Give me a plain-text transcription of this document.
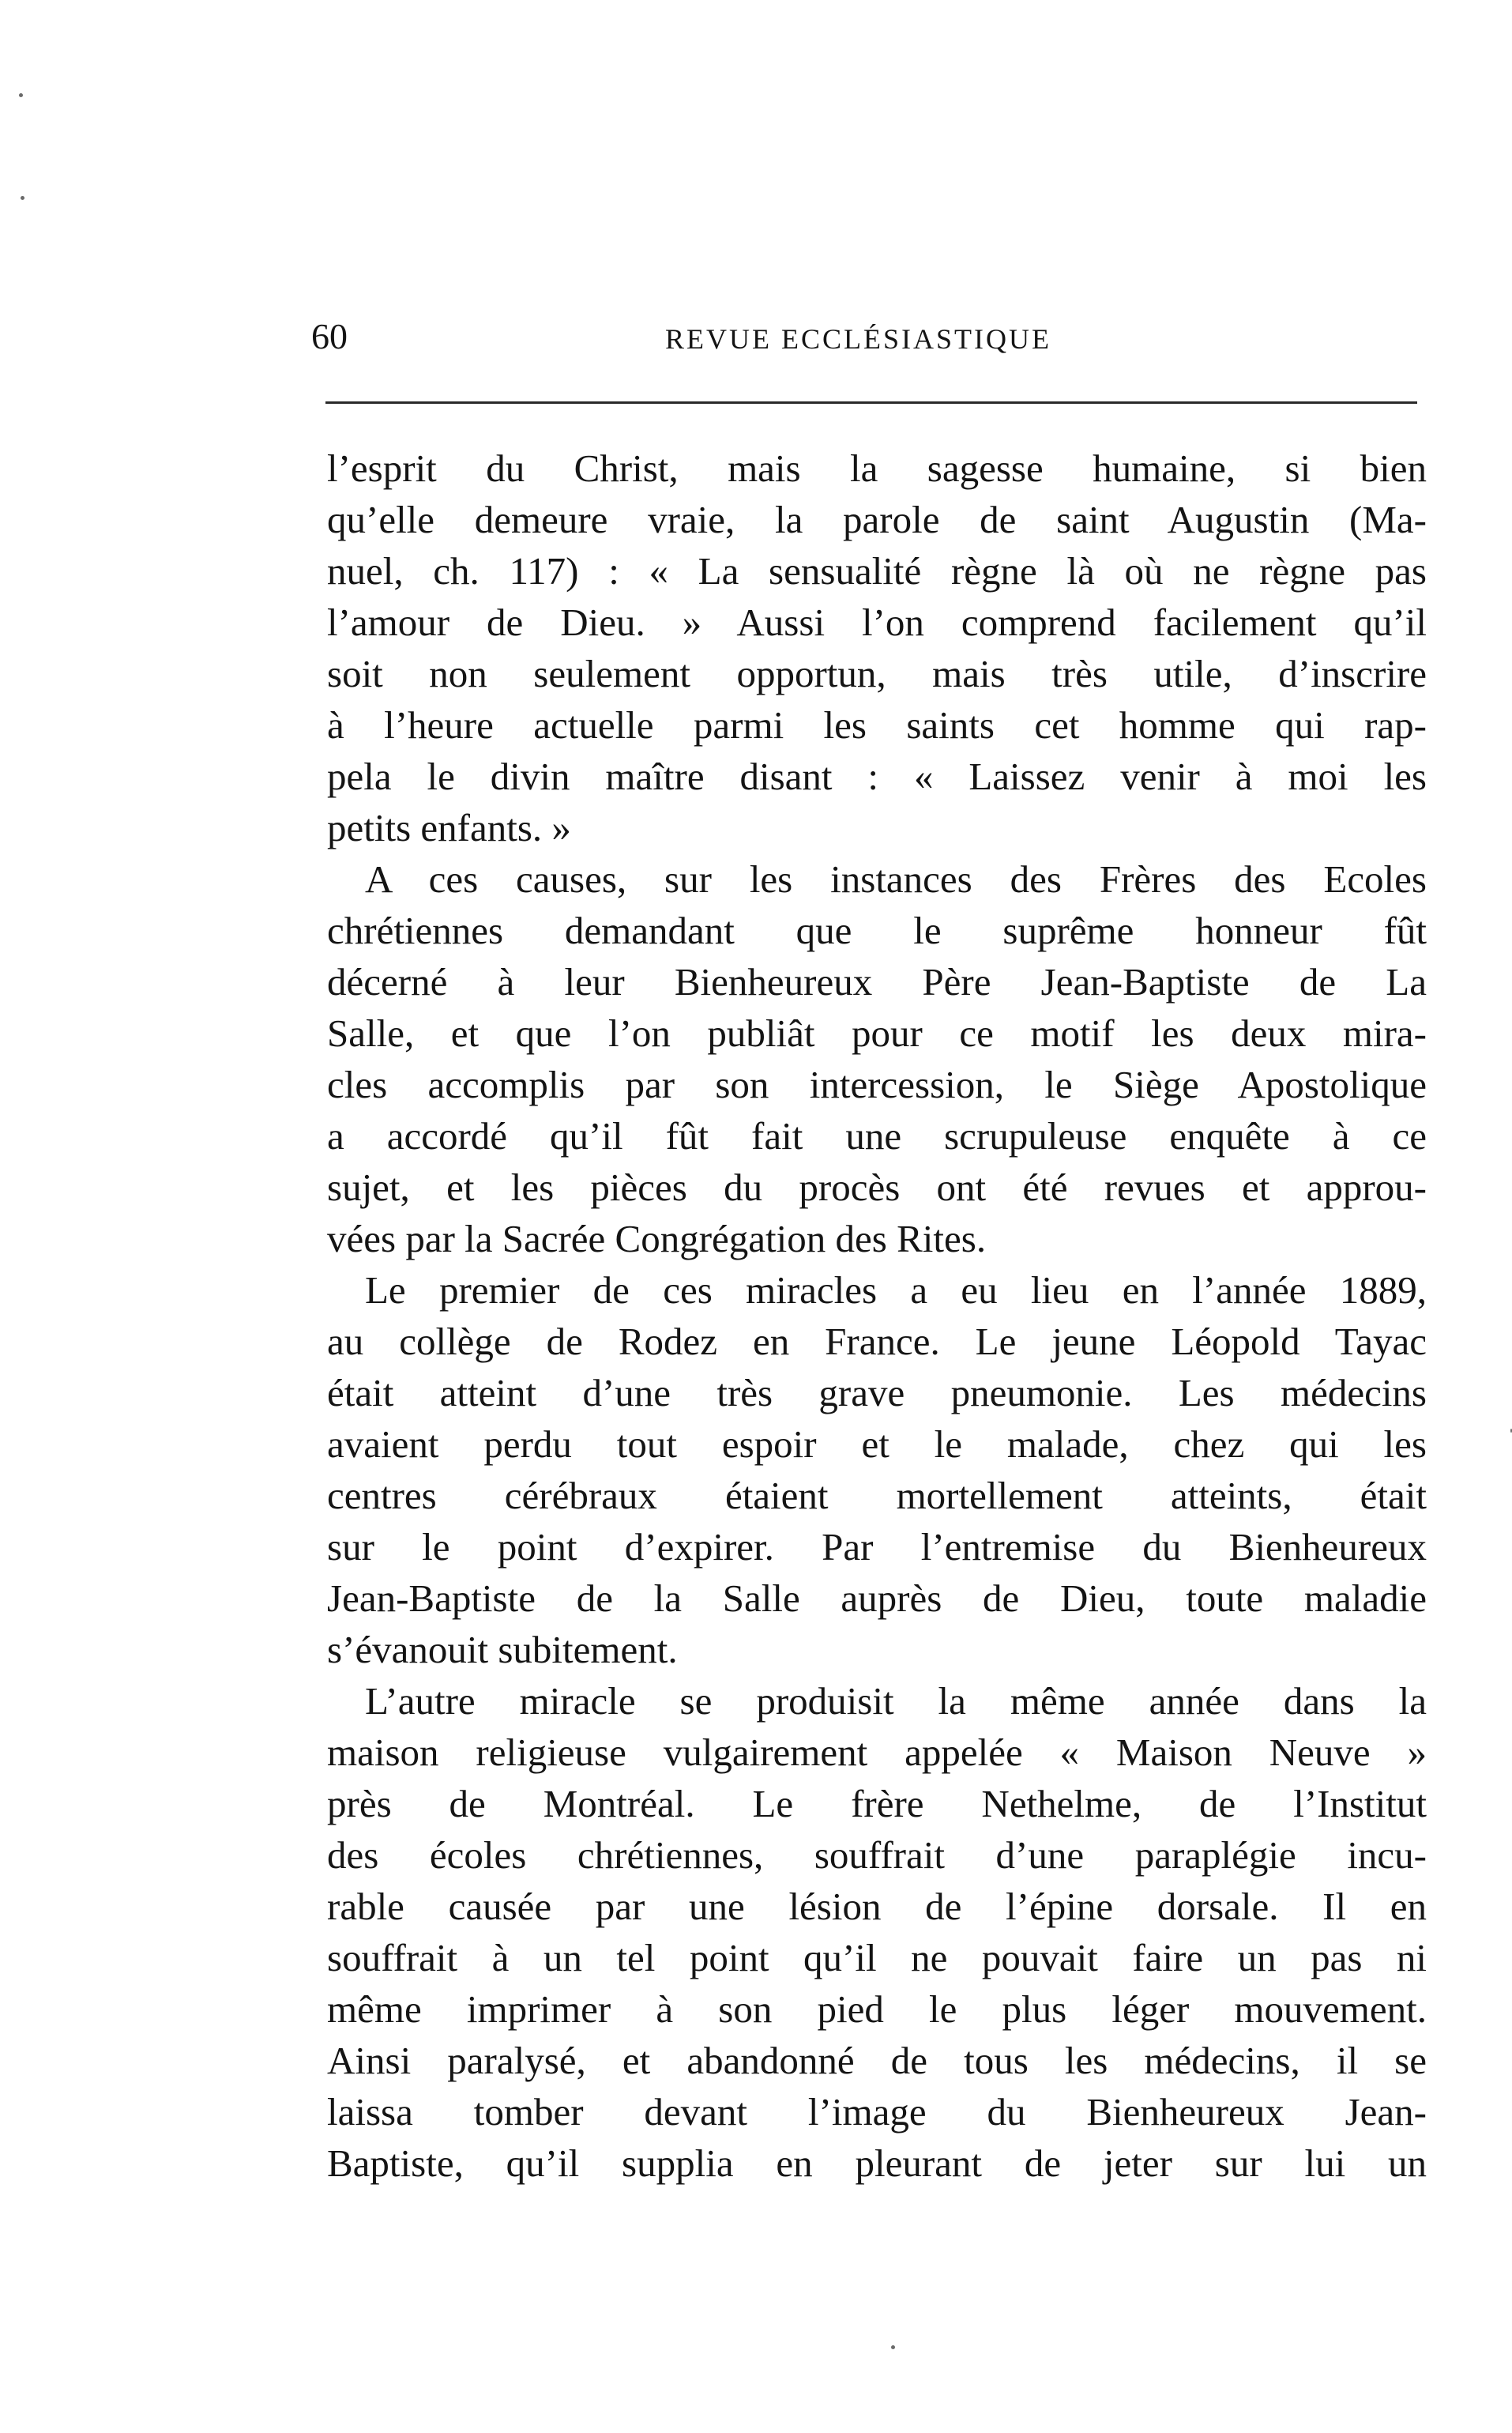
60	REVUE ECCLÉSIASTIQUE
l’esprit du Christ, mais la sagesse humaine, si bien
qu’elle demeure vraie, la parole de saint Augustin (Ma-
nuel, ch. 117) : « La sensualité règne là où ne règne pas
l’amour de Dieu. » Aussi l’on comprend facilement qu’il
soit non seulement opportun, mais très utile, d’inscrire
à l’heure actuelle parmi les saints cet homme qui rap-
pela le divin maître disant : « Laissez venir à moi les
petits enfants. »
A ces causes, sur les instances des Frères des Ecoles
chrétiennes demandant que le suprême honneur fût
décerné à leur Bienheureux Père Jean-Baptiste de La
Salle, et que l’on publiât pour ce motif les deux mira-
cles accomplis par son intercession, le Siège Apostolique
a accordé qu’il fût fait une scrupuleuse enquête à ce
sujet, et les pièces du procès ont été revues et approu-
vées par la Sacrée Congrégation des Rites.
Le premier de ces miracles a eu lieu en l’année 1889,
au collège de Rodez en France. Le jeune Léopold Tayac
était atteint d’une très grave pneumonie. Les médecins
avaient perdu tout espoir et le malade, chez qui les
centres cérébraux étaient mortellement atteints, était
sur le point d’expirer. Par l’entremise du Bienheureux
Jean-Baptiste de la Salle auprès de Dieu, toute maladie
s’évanouit subitement.
L’autre miracle se produisit la même année dans la
maison religieuse vulgairement appelée « Maison Neuve »
près de Montréal. Le frère Nethelme, de l’Institut
des écoles chrétiennes, souffrait d’une paraplégie incu-
rable causée par une lésion de l’épine dorsale. Il en
souffrait à un tel point qu’il ne pouvait faire un pas ni
même imprimer à son pied le plus léger mouvement.
Ainsi paralysé, et abandonné de tous les médecins, il se
laissa tomber devant l’image du Bienheureux Jean-
Baptiste, qu’il supplia en pleurant de jeter sur lui un
